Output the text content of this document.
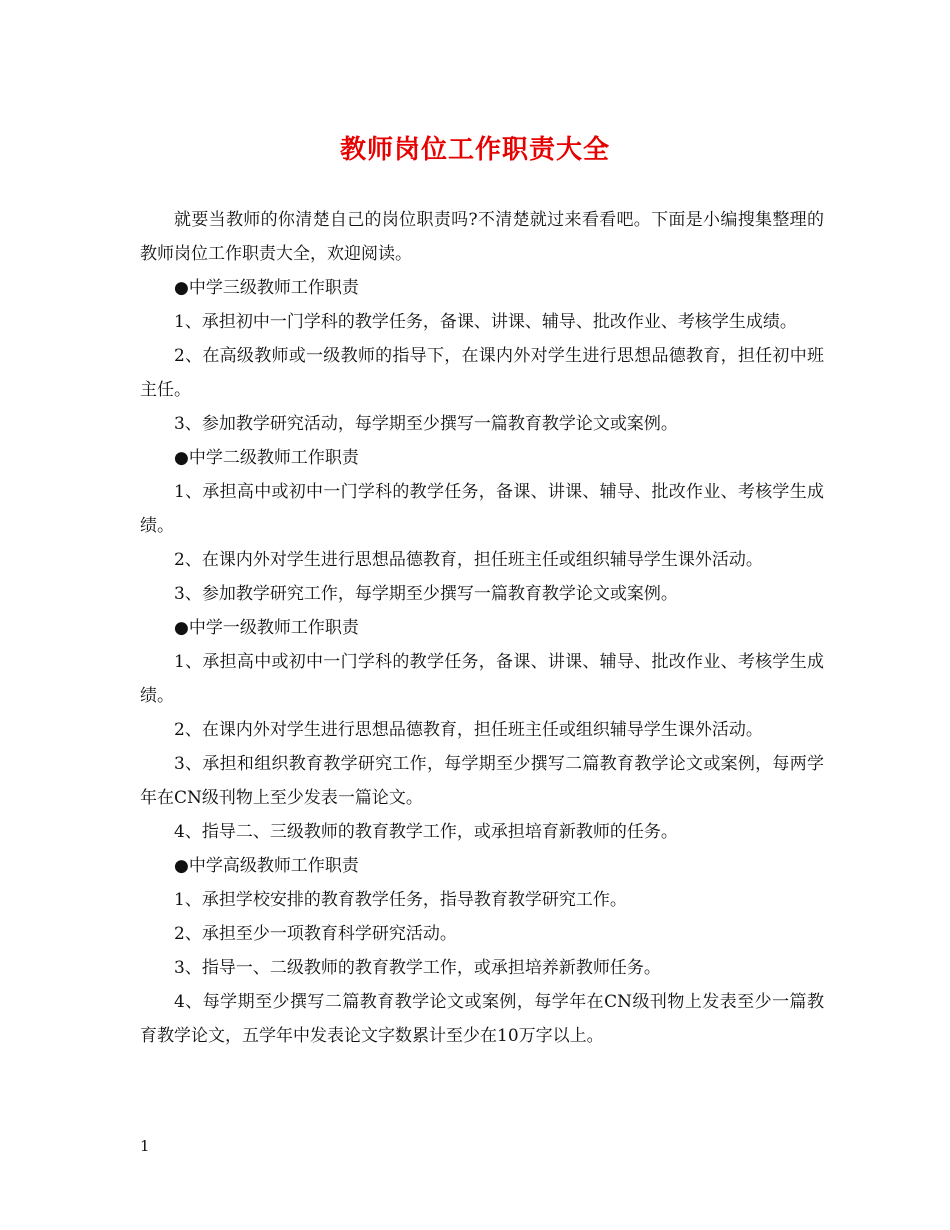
教师岗位工作职责大全

就要当教师的你清楚自己的岗位职责吗?不清楚就过来看看吧。下面是小编搜集整理的教师岗位工作职责大全，欢迎阅读。

●中学三级教师工作职责

1、承担初中一门学科的教学任务，备课、讲课、辅导、批改作业、考核学生成绩。

2、在高级教师或一级教师的指导下，在课内外对学生进行思想品德教育，担任初中班主任。

3、参加教学研究活动，每学期至少撰写一篇教育教学论文或案例。

●中学二级教师工作职责

1、承担高中或初中一门学科的教学任务，备课、讲课、辅导、批改作业、考核学生成绩。

2、在课内外对学生进行思想品德教育，担任班主任或组织辅导学生课外活动。

3、参加教学研究工作，每学期至少撰写一篇教育教学论文或案例。

●中学一级教师工作职责

1、承担高中或初中一门学科的教学任务，备课、讲课、辅导、批改作业、考核学生成绩。

2、在课内外对学生进行思想品德教育，担任班主任或组织辅导学生课外活动。

3、承担和组织教育教学研究工作，每学期至少撰写二篇教育教学论文或案例，每两学年在CN级刊物上至少发表一篇论文。

4、指导二、三级教师的教育教学工作，或承担培育新教师的任务。

●中学高级教师工作职责

1、承担学校安排的教育教学任务，指导教育教学研究工作。

2、承担至少一项教育科学研究活动。

3、指导一、二级教师的教育教学工作，或承担培养新教师任务。

4、每学期至少撰写二篇教育教学论文或案例，每学年在CN级刊物上发表至少一篇教育教学论文，五学年中发表论文字数累计至少在10万字以上。

1
